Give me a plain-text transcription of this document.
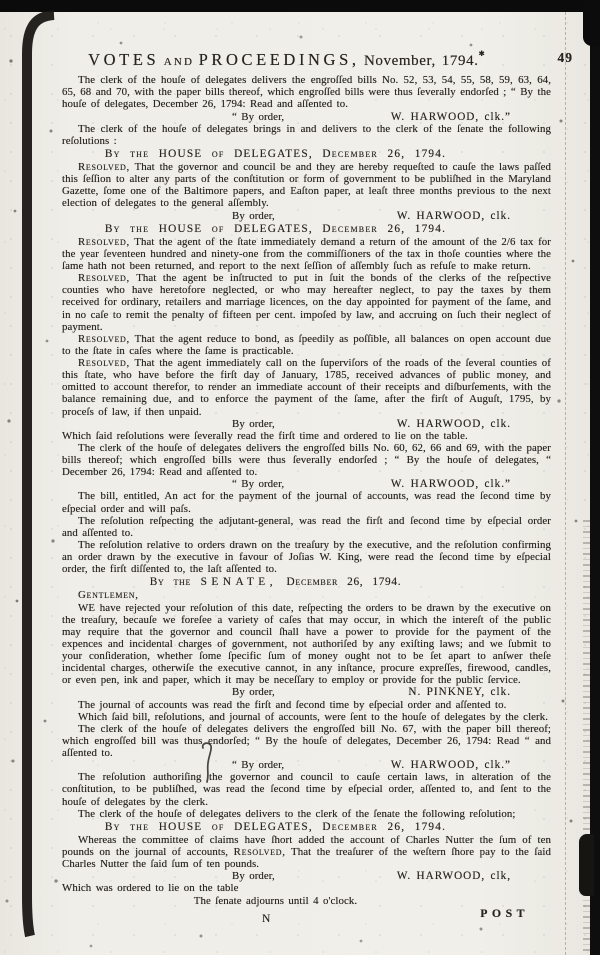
VOTES AND PROCEEDINGS, November, 1794.✱	49

The clerk of the houſe of delegates delivers the engroſſed bills No. 52, 53, 54, 55, 58, 59, 63, 64, 65, 68 and 70, with the paper bills thereof, which engroſſed bills were thus ſeverally endorſed ; “ By the houſe of delegates, December 26, 1794: Read and aſſented to.

“ By order,	W. HARWOOD, clk.”

The clerk of the houſe of delegates brings in and delivers to the clerk of the ſenate the following reſolutions :

By the HOUSE of DELEGATES, December 26, 1794.

Resolved, That the governor and council be and they are hereby requeſted to cauſe the laws paſſed this ſeſſion to alter any parts of the conſtitution or form of government to be publiſhed in the Maryland Gazette, ſome one of the Baltimore papers, and Eaſton paper, at leaſt three months previous to the next election of delegates to the general aſſembly.

By order,	W. HARWOOD, clk.
By the HOUSE of DELEGATES, December 26, 1794.

Resolved, That the agent of the ſtate immediately demand a return of the amount of the 2/6 tax for the year ſeventeen hundred and ninety-one from the commiſſioners of the tax in thoſe counties where the ſame hath not been returned, and report to the next ſeſſion of aſſembly ſuch as refuſe to make return.

Resolved, That the agent be inſtructed to put in ſuit the bonds of the clerks of the reſpective counties who have heretofore neglected, or who may hereafter neglect, to pay the taxes by them received for ordinary, retailers and marriage licences, on the day appointed for payment of the ſame, and in no caſe to remit the penalty of fifteen per cent. impoſed by law, and accruing on ſuch their neglect of payment.

Resolved, That the agent reduce to bond, as ſpeedily as poſſible, all balances on open account due to the ſtate in caſes where the ſame is practicable.

Resolved, That the agent immediately call on the ſuperviſors of the roads of the ſeveral counties of this ſtate, who have before the firſt day of January, 1785, received advances of public money, and omitted to account therefor, to render an immediate account of their receipts and diſburſements, with the balance remaining due, and to enforce the payment of the ſame, after the firſt of Auguſt, 1795, by proceſs of law, if then unpaid.

By order,	W. HARWOOD, clk.

Which ſaid reſolutions were ſeverally read the firſt time and ordered to lie on the table.

The clerk of the houſe of delegates delivers the engroſſed bills No. 60, 62, 66 and 69, with the paper bills thereof; which engroſſed bills were thus ſeverally endorſed ; “ By the houſe of delegates, “ December 26, 1794: Read and aſſented to.

“ By order,	W. HARWOOD, clk.”

The bill, entitled, An act for the payment of the journal of accounts, was read the ſecond time by eſpecial order and will paſs.

The reſolution reſpecting the adjutant-general, was read the firſt and ſecond time by eſpecial order and aſſented to.

The reſolution relative to orders drawn on the treaſury by the executive, and the reſolution confirming an order drawn by the executive in favour of Joſias W. King, were read the ſecond time by eſpecial order, the firſt diſſented to, the laſt aſſented to.

By the SENATE, December 26, 1794.

Gentlemen,

WE have rejected your reſolution of this date, reſpecting the orders to be drawn by the executive on the treaſury, becauſe we foreſee a variety of caſes that may occur, in which the intereſt of the public may require that the governor and council ſhall have a power to provide for the payment of the expences and incidental charges of government, not authoriſed by any exiſting laws; and we ſubmit to your conſideration, whether ſome ſpecific ſum of money ought not to be ſet apart to anſwer theſe incidental charges, otherwiſe the executive cannot, in any inſtance, procure expreſſes, firewood, candles, or even pen, ink and paper, which it may be neceſſary to employ or provide for the public ſervice.

By order,	N. PINKNEY, clk.

The journal of accounts was read the firſt and ſecond time by eſpecial order and aſſented to.

Which ſaid bill, reſolutions, and journal of accounts, were ſent to the houſe of delegates by the clerk.

The clerk of the houſe of delegates delivers the engroſſed bill No. 67, with the paper bill thereof; which engroſſed bill was thus endorſed; “ By the houſe of delegates, December 26, 1794: Read “ and aſſented to.

“ By order,	W. HARWOOD, clk.”

The reſolution authoriſing the governor and council to cauſe certain laws, in alteration of the conſtitution, to be publiſhed, was read the ſecond time by eſpecial order, aſſented to, and ſent to the houſe of delegates by the clerk.

The clerk of the houſe of delegates delivers to the clerk of the ſenate the following reſolution;

By the HOUSE of DELEGATES, December 26, 1794.

Whereas the committee of claims have ſhort added the account of Charles Nutter the ſum of ten pounds on the journal of accounts, Resolved, That the treaſurer of the weſtern ſhore pay to the ſaid Charles Nutter the ſaid ſum of ten pounds.

By order,	W. HARWOOD, clk,

Which was ordered to lie on the table

The ſenate adjourns until 4 o'clock.

N	POST
